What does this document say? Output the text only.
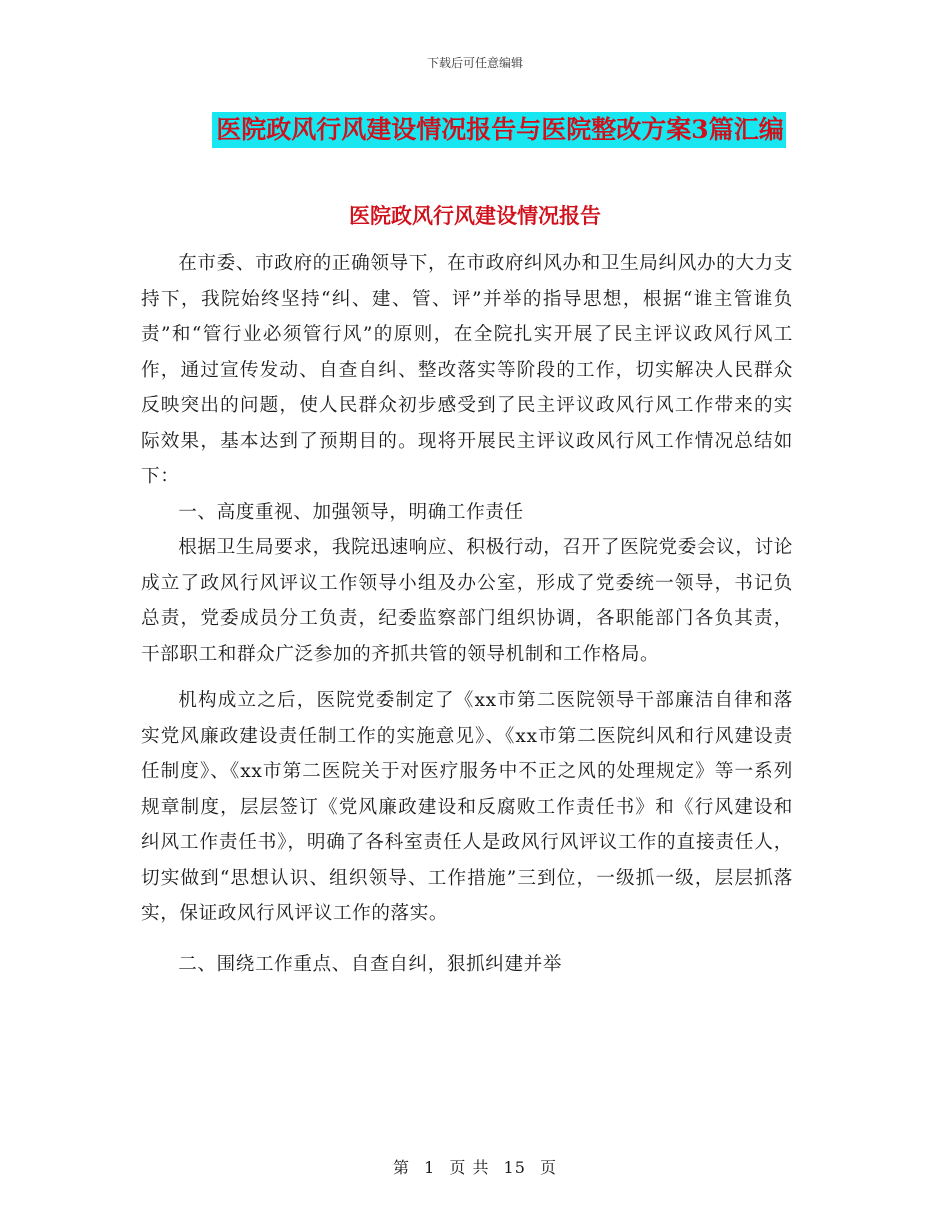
下载后可任意编辑
医院政风行风建设情况报告与医院整改方案3篇汇编
医院政风行风建设情况报告

在市委、市政府的正确领导下，在市政府纠风办和卫生局纠风办的大力支持下，我院始终坚持“纠、建、管、评”并举的指导思想，根据“谁主管谁负责”和“管行业必须管行风”的原则，在全院扎实开展了民主评议政风行风工作，通过宣传发动、自查自纠、整改落实等阶段的工作，切实解决人民群众反映突出的问题，使人民群众初步感受到了民主评议政风行风工作带来的实际效果，基本达到了预期目的。现将开展民主评议政风行风工作情况总结如下：

一、高度重视、加强领导，明确工作责任

根据卫生局要求，我院迅速响应、积极行动，召开了医院党委会议，讨论成立了政风行风评议工作领导小组及办公室，形成了党委统一领导，书记负总责，党委成员分工负责，纪委监察部门组织协调，各职能部门各负其责，干部职工和群众广泛参加的齐抓共管的领导机制和工作格局。

机构成立之后，医院党委制定了《xx市第二医院领导干部廉洁自律和落实党风廉政建设责任制工作的实施意见》、《xx市第二医院纠风和行风建设责任制度》、《xx市第二医院关于对医疗服务中不正之风的处理规定》等一系列规章制度，层层签订《党风廉政建设和反腐败工作责任书》和《行风建设和纠风工作责任书》，明确了各科室责任人是政风行风评议工作的直接责任人，切实做到“思想认识、组织领导、工作措施”三到位，一级抓一级，层层抓落实，保证政风行风评议工作的落实。

二、围绕工作重点、自查自纠，狠抓纠建并举

第 1 页 共 15 页
